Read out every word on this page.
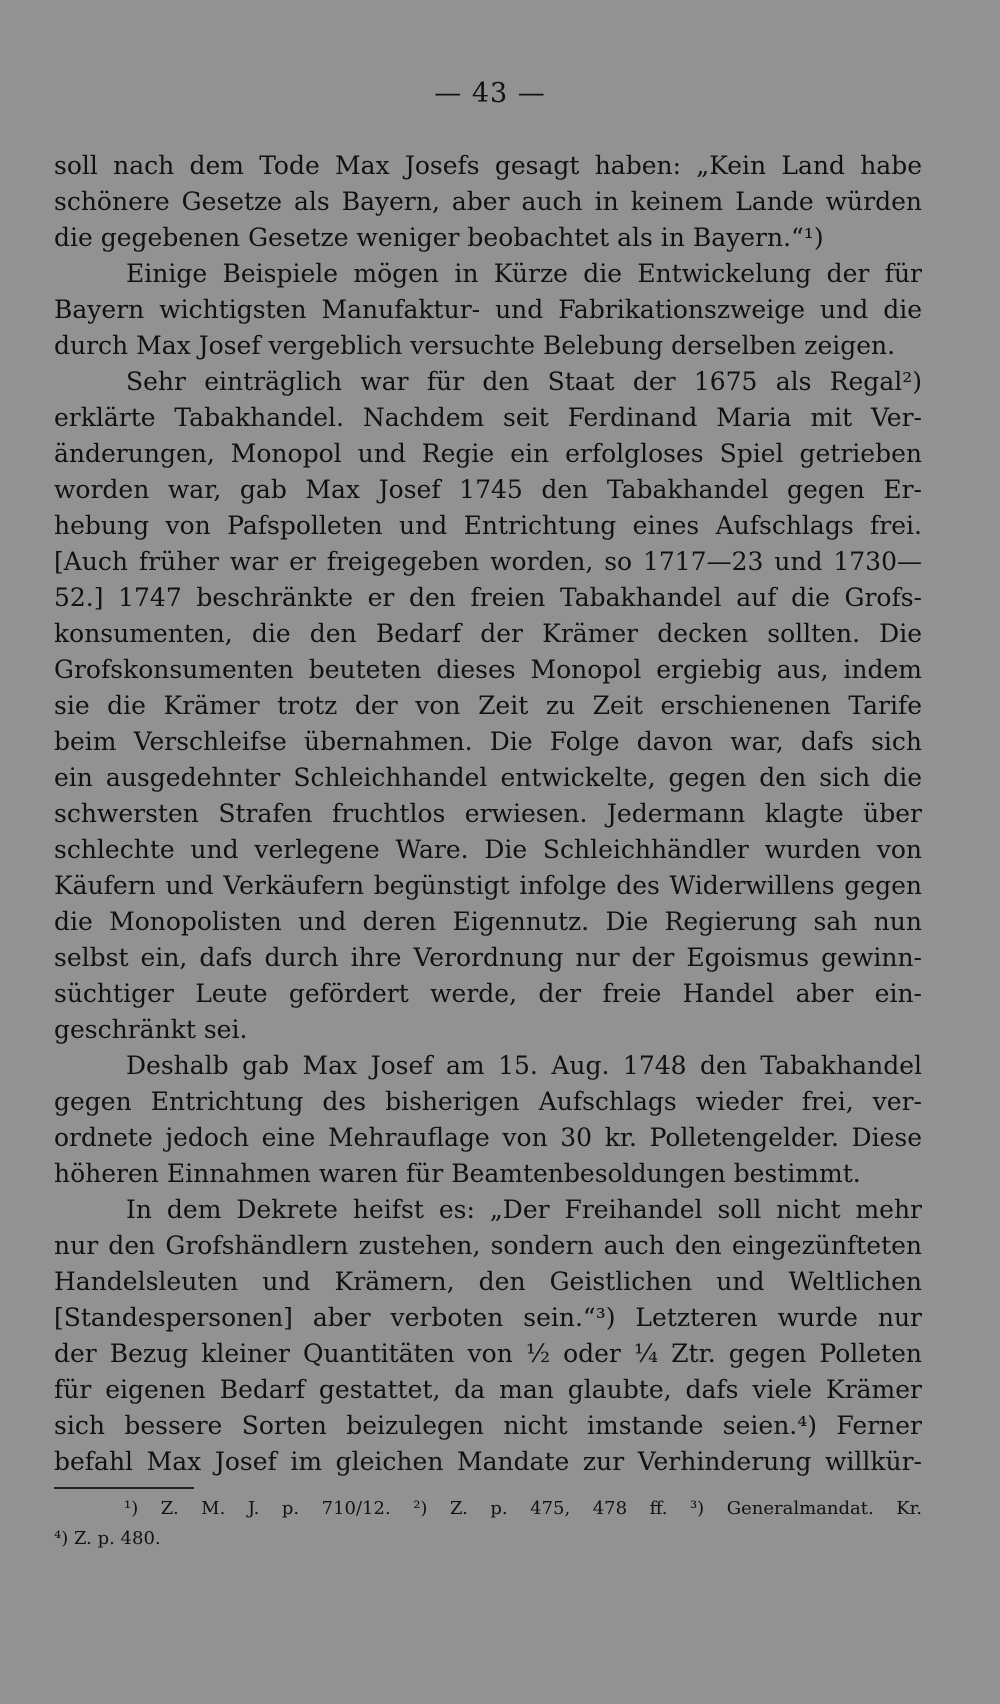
— 43 —
soll nach dem Tode Max Josefs gesagt haben: „Kein Land habe
schönere Gesetze als Bayern, aber auch in keinem Lande würden
die gegebenen Gesetze weniger beobachtet als in Bayern.“¹)
Einige Beispiele mögen in Kürze die Entwickelung der für
Bayern wichtigsten Manufaktur- und Fabrikationszweige und die
durch Max Josef vergeblich versuchte Belebung derselben zeigen.
Sehr einträglich war für den Staat der 1675 als Regal²)
erklärte Tabakhandel. Nachdem seit Ferdinand Maria mit Ver-
änderungen, Monopol und Regie ein erfolgloses Spiel getrieben
worden war, gab Max Josef 1745 den Tabakhandel gegen Er-
hebung von Pafspolleten und Entrichtung eines Aufschlags frei.
[Auch früher war er freigegeben worden, so 1717—23 und 1730—
52.] 1747 beschränkte er den freien Tabakhandel auf die Grofs-
konsumenten, die den Bedarf der Krämer decken sollten. Die
Grofskonsumenten beuteten dieses Monopol ergiebig aus, indem
sie die Krämer trotz der von Zeit zu Zeit erschienenen Tarife
beim Verschleifse übernahmen. Die Folge davon war, dafs sich
ein ausgedehnter Schleichhandel entwickelte, gegen den sich die
schwersten Strafen fruchtlos erwiesen. Jedermann klagte über
schlechte und verlegene Ware. Die Schleichhändler wurden von
Käufern und Verkäufern begünstigt infolge des Widerwillens gegen
die Monopolisten und deren Eigennutz. Die Regierung sah nun
selbst ein, dafs durch ihre Verordnung nur der Egoismus gewinn-
süchtiger Leute gefördert werde, der freie Handel aber ein-
geschränkt sei.
Deshalb gab Max Josef am 15. Aug. 1748 den Tabakhandel
gegen Entrichtung des bisherigen Aufschlags wieder frei, ver-
ordnete jedoch eine Mehrauflage von 30 kr. Polletengelder. Diese
höheren Einnahmen waren für Beamtenbesoldungen bestimmt.
In dem Dekrete heifst es: „Der Freihandel soll nicht mehr
nur den Grofshändlern zustehen, sondern auch den eingezünfteten
Handelsleuten und Krämern, den Geistlichen und Weltlichen
[Standespersonen] aber verboten sein.“³) Letzteren wurde nur
der Bezug kleiner Quantitäten von ½ oder ¼ Ztr. gegen Polleten
für eigenen Bedarf gestattet, da man glaubte, dafs viele Krämer
sich bessere Sorten beizulegen nicht imstande seien.⁴) Ferner
befahl Max Josef im gleichen Mandate zur Verhinderung willkür-
¹) Z. M. J. p. 710/12. ²) Z. p. 475, 478 ff. ³) Generalmandat. Kr.
⁴) Z. p. 480.
